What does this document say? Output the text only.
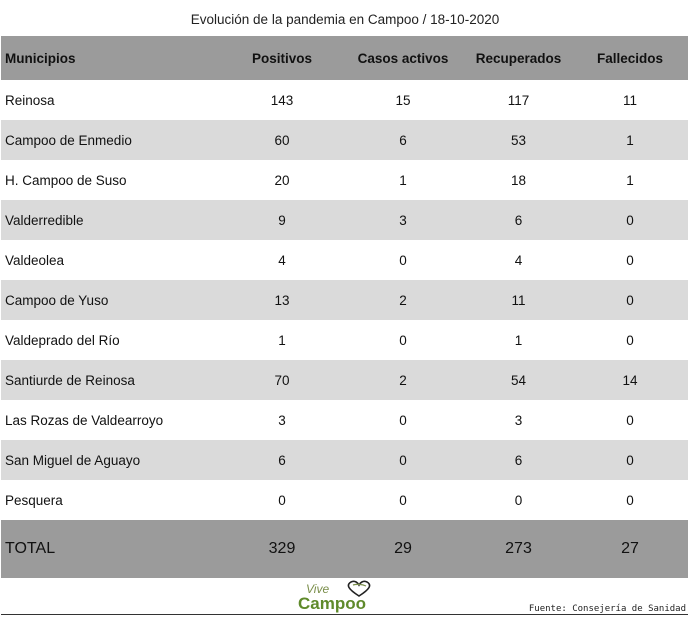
Evolución de la pandemia en Campoo / 18-10-2020
Municipios	Positivos	Casos activos	Recuperados	Fallecidos
Reinosa	143	15	117	11
Campoo de Enmedio	60	6	53	1
H. Campoo de Suso	20	1	18	1
Valderredible	9	3	6	0
Valdeolea	4	0	4	0
Campoo de Yuso	13	2	11	0
Valdeprado del Río	1	0	1	0
Santiurde de Reinosa	70	2	54	14
Las Rozas de Valdearroyo	3	0	3	0
San Miguel de Aguayo	6	0	6	0
Pesquera	0	0	0	0
TOTAL	329	29	273	27
Vive
Campoo	Fuente: Consejería de Sanidad
